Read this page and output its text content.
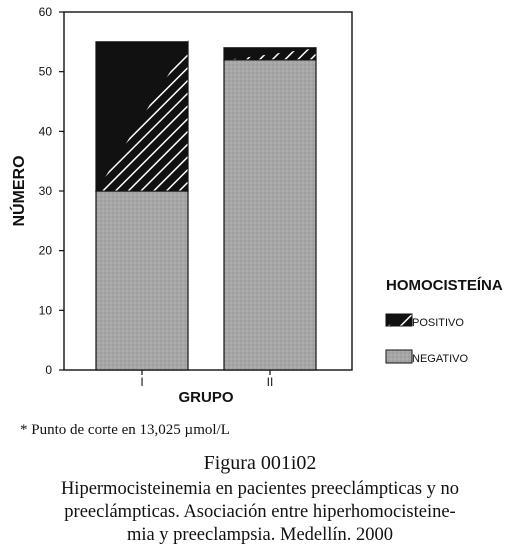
0
10
20
30
40
50
60
I	II
NÚMERO
GRUPO
HOMOCISTEÍNA
POSITIVO
NEGATIVO
* Punto de corte en 13,025 µmol/L
Figura 001i02
Hipermocisteinemia en pacientes preeclámpticas y no
preeclámpticas. Asociación entre hiperhomocisteine-
mia y preeclampsia. Medellín. 2000
